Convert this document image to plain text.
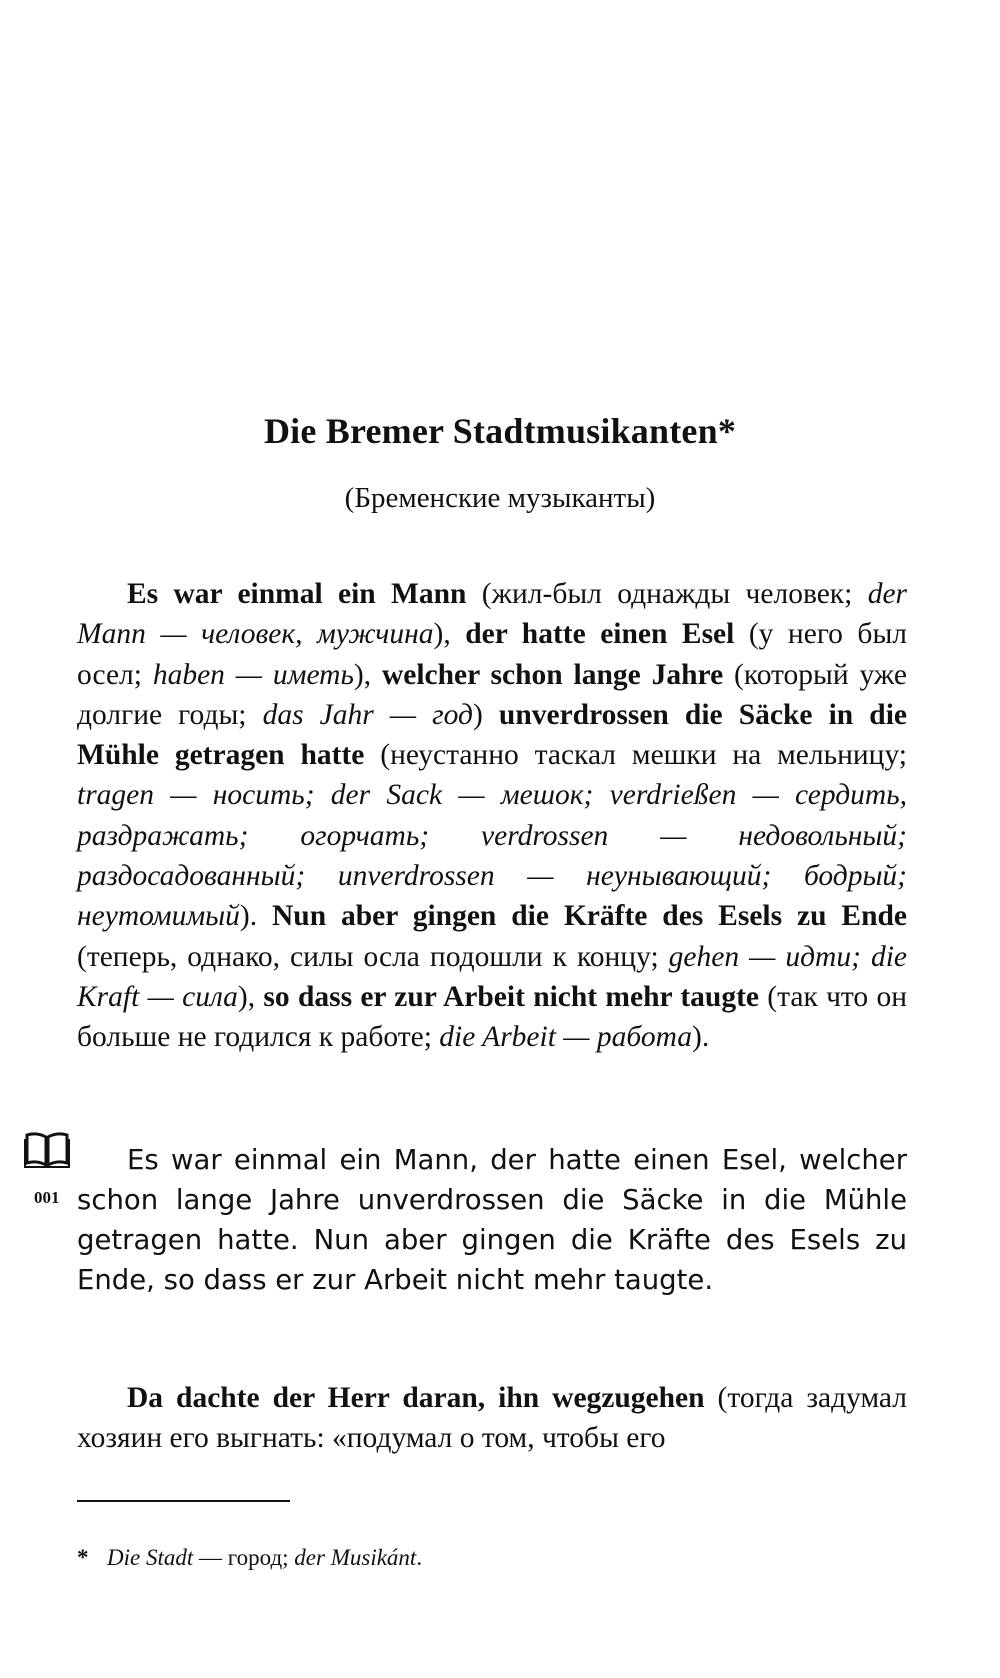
Die Bremer Stadtmusikanten*
(Бременские музыканты)

Es war einmal ein Mann (жил-был однажды человек; der Mann — человек, мужчина), der hatte einen Esel (у него был осел; haben — иметь), welcher schon lange Jahre (который уже долгие годы; das Jahr — год) unverdrossen die Säcke in die Mühle getragen hatte (неустанно таскал мешки на мельницу; tragen — носить; der Sack — мешок; verdrießen — сердить, раздражать; огорчать; verdrossen — недовольный; раздосадованный; unverdrossen — неунывающий; бодрый; неутомимый). Nun aber gingen die Kräfte des Esels zu Ende (теперь, однако, силы осла подошли к концу; gehen — идти; die Kraft — сила), so dass er zur Arbeit nicht mehr taugte (так что он больше не годился к работе; die Arbeit — работа).

001

Es war einmal ein Mann, der hatte einen Esel, welcher schon lange Jahre unverdrossen die Säcke in die Mühle getragen hatte. Nun aber gingen die Kräfte des Esels zu Ende, so dass er zur Arbeit nicht mehr taugte.

Da dachte der Herr daran, ihn wegzugehen (тогда задумал хозяин его выгнать: «подумал о том, чтобы его

* Die Stadt — город; der Musikánt.
